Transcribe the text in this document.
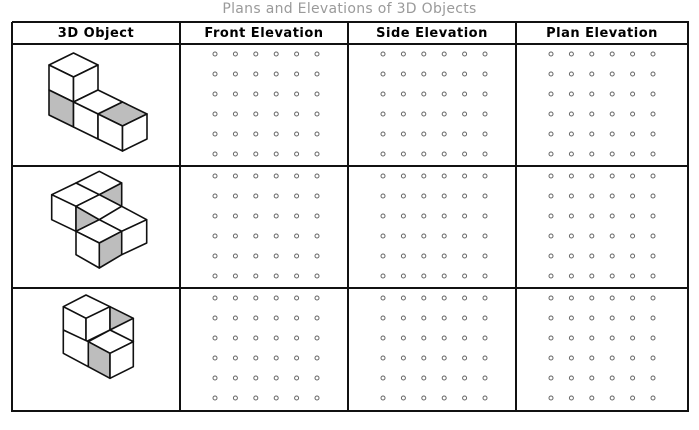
Plans and Elevations of 3D Objects
3D Object	Front Elevation	Side Elevation	Plan Elevation
